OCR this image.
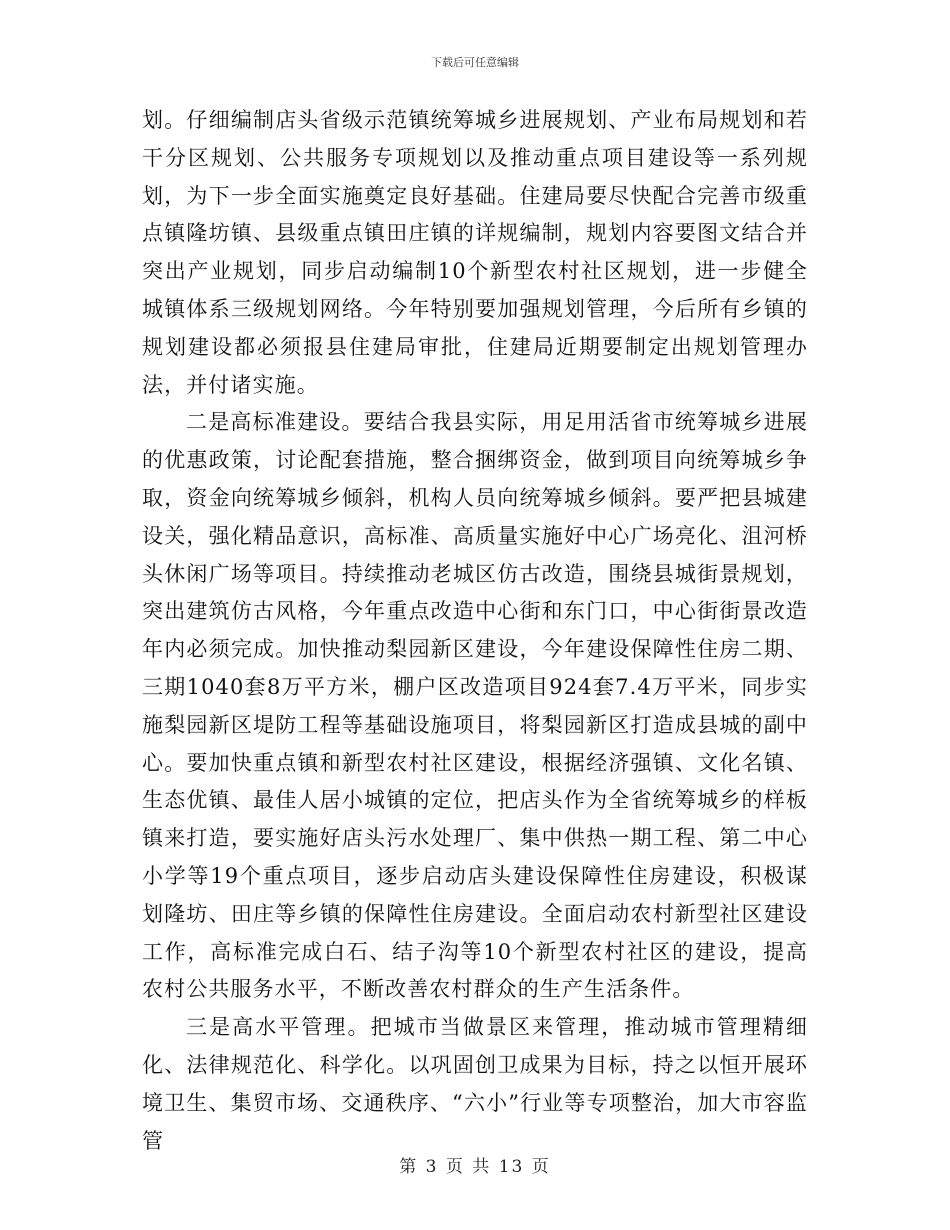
下载后可任意编辑

划。仔细编制店头省级示范镇统筹城乡进展规划、产业布局规划和若干分区规划、公共服务专项规划以及推动重点项目建设等一系列规划，为下一步全面实施奠定良好基础。住建局要尽快配合完善市级重点镇隆坊镇、县级重点镇田庄镇的详规编制，规划内容要图文结合并突出产业规划，同步启动编制10个新型农村社区规划，进一步健全城镇体系三级规划网络。今年特别要加强规划管理，今后所有乡镇的规划建设都必须报县住建局审批，住建局近期要制定出规划管理办法，并付诸实施。

二是高标准建设。要结合我县实际，用足用活省市统筹城乡进展的优惠政策，讨论配套措施，整合捆绑资金，做到项目向统筹城乡争取，资金向统筹城乡倾斜，机构人员向统筹城乡倾斜。要严把县城建设关，强化精品意识，高标准、高质量实施好中心广场亮化、沮河桥头休闲广场等项目。持续推动老城区仿古改造，围绕县城街景规划，突出建筑仿古风格，今年重点改造中心街和东门口，中心街街景改造年内必须完成。加快推动梨园新区建设，今年建设保障性住房二期、三期1040套8万平方米，棚户区改造项目924套7.4万平米，同步实施梨园新区堤防工程等基础设施项目，将梨园新区打造成县城的副中心。要加快重点镇和新型农村社区建设，根据经济强镇、文化名镇、生态优镇、最佳人居小城镇的定位，把店头作为全省统筹城乡的样板镇来打造，要实施好店头污水处理厂、集中供热一期工程、第二中心小学等19个重点项目，逐步启动店头建设保障性住房建设，积极谋划隆坊、田庄等乡镇的保障性住房建设。全面启动农村新型社区建设工作，高标准完成白石、结子沟等10个新型农村社区的建设，提高农村公共服务水平，不断改善农村群众的生产生活条件。

三是高水平管理。把城市当做景区来管理，推动城市管理精细化、法律规范化、科学化。以巩固创卫成果为目标，持之以恒开展环境卫生、集贸市场、交通秩序、“六小”行业等专项整治，加大市容监管

第 3 页 共 13 页
